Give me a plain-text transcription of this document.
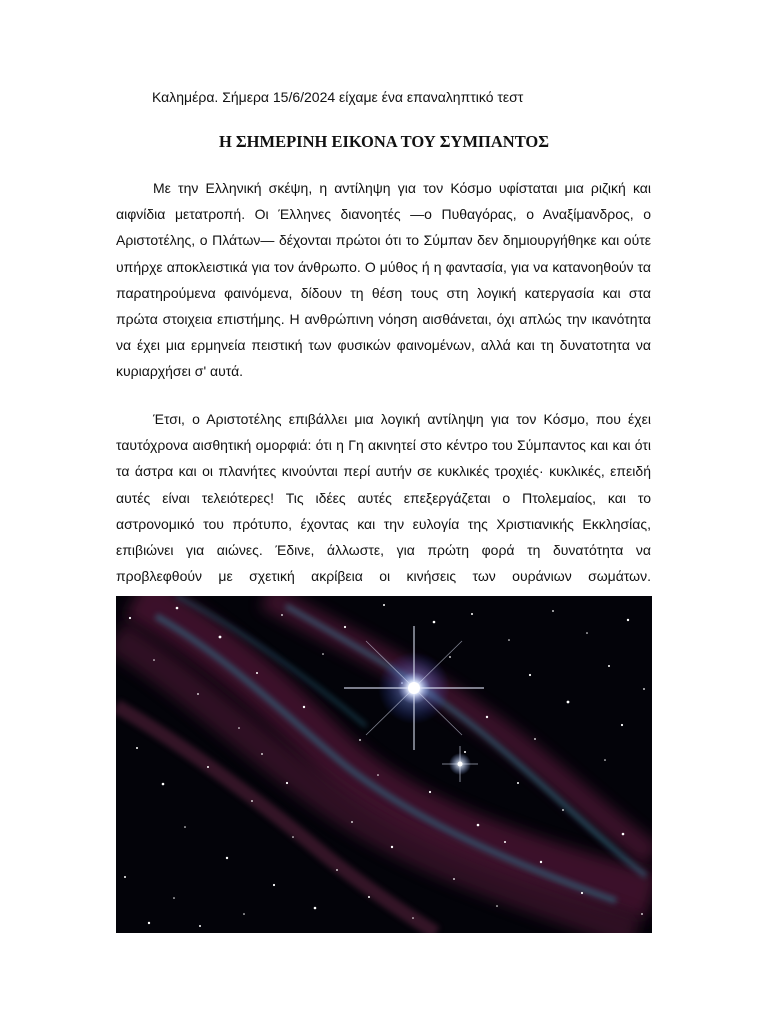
Καλημέρα. Σήμερα 15/6/2024 είχαμε ένα επαναληπτικό τεστ
Η ΣΗΜΕΡΙΝΗ ΕΙΚΟΝΑ ΤΟΥ ΣΥΜΠΑΝΤΟΣ

Με την Ελληνική σκέψη, η αντίληψη για τον Κόσμο υφίσταται μια ριζική και αιφνίδια μετατροπή. Οι Έλληνες διανοητές —ο Πυθαγόρας, ο Αναξίμανδρος, ο Αριστοτέλης, ο Πλάτων— δέχονται πρώτοι ότι το Σύμπαν δεν δημιουργήθηκε και ούτε υπήρχε αποκλειστικά για τον άνθρωπο. Ο μύθος ή η φαντασία, για να κατανοηθούν τα παρατηρούμενα φαινόμενα, δίδουν τη θέση τους στη λογική κατεργασία και στα πρώτα στοιχεια επιστήμης. Η ανθρώπινη νόηση αισθάνεται, όχι απλώς την ικανότητα να έχει μια ερμηνεία πειστική των φυσικών φαινομένων, αλλά και τη δυνατοτητα να κυριαρχήσει σ' αυτά.

Έτσι, ο Αριστοτέλης επιβάλλει μια λογική αντίληψη για τον Κόσμο, που έχει ταυτόχρονα αισθητική ομορφιά: ότι η Γη ακινητεί στο κέντρο του Σύμπαντος και και ότι τα άστρα και οι πλανήτες κινούνται περί αυτήν σε κυκλικές τροχιές· κυκλικές, επειδή αυτές είναι τελειότερες! Τις ιδέες αυτές επεξεργάζεται ο Πτολεμαίος, και το αστρονομικό του πρότυπο, έχοντας και την ευλογία της Χριστιανικής Εκκλησίας, επιβιώνει για αιώνες. Έδινε, άλλωστε, για πρώτη φορά τη δυνατότητα να προβλεφθούν με σχετική ακρίβεια οι κινήσεις των ουράνιων σωμάτων.
